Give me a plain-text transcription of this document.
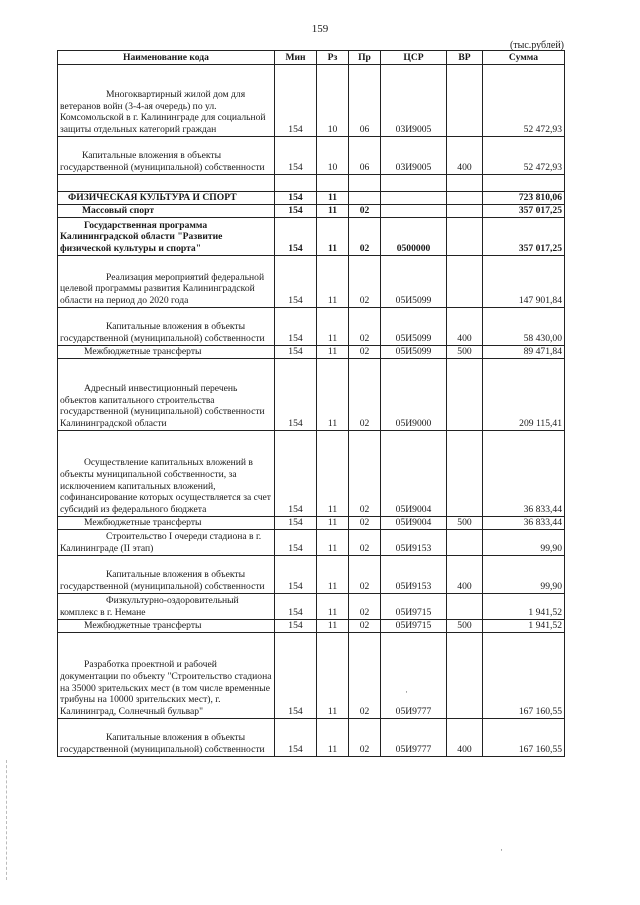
159
(тыс.рублей)
Наименование кода	Мин	Рз	Пр	ЦСР	ВР	Сумма

Многоквартирный жилой дом для ветеранов войн (3-4-ая очередь) по ул. Комсомольской в г. Калининграде для социальной защиты отдельных категорий граждан	154	10	06	03И9005		52 472,93

Капитальные вложения в объекты государственной (муниципальной) собственности	154	10	06	03И9005	400	52 472,93

ФИЗИЧЕСКАЯ КУЛЬТУРА И СПОРТ	154	11				723 810,06

Массовый спорт	154	11	02			357 017,25

Государственная программа Калининградской области "Развитие физической культуры и спорта"	154	11	02	0500000		357 017,25

Реализация мероприятий федеральной целевой программы развития Калининградской области на период до 2020 года	154	11	02	05И5099		147 901,84

Капитальные вложения в объекты государственной (муниципальной) собственности	154	11	02	05И5099	400	58 430,00

Межбюджетные трансферты	154	11	02	05И5099	500	89 471,84

Адресный инвестиционный перечень объектов капитального строительства государственной (муниципальной) собственности Калининградской области	154	11	02	05И9000		209 115,41

Осуществление капитальных вложений в объекты муниципальной собственности, за исключением капитальных вложений, софинансирование которых осуществляется за счет субсидий из федерального бюджета	154	11	02	05И9004		36 833,44

Межбюджетные трансферты	154	11	02	05И9004	500	36 833,44

Строительство I очереди стадиона в г. Калининграде (II этап)	154	11	02	05И9153		99,90

Капитальные вложения в объекты государственной (муниципальной) собственности	154	11	02	05И9153	400	99,90

Физкультурно-оздоровительный комплекс в г. Немане	154	11	02	05И9715		1 941,52

Межбюджетные трансферты	154	11	02	05И9715	500	1 941,52

Разработка проектной и рабочей документации по объекту "Строительство стадиона на 35000 зрительских мест (в том числе временные трибуны на 10000 зрительских мест), г. Калининград, Солнечный бульвар"	154	11	02	05И9777		167 160,55

Капитальные вложения в объекты государственной (муниципальной) собственности	154	11	02	05И9777	400	167 160,55
·
·
